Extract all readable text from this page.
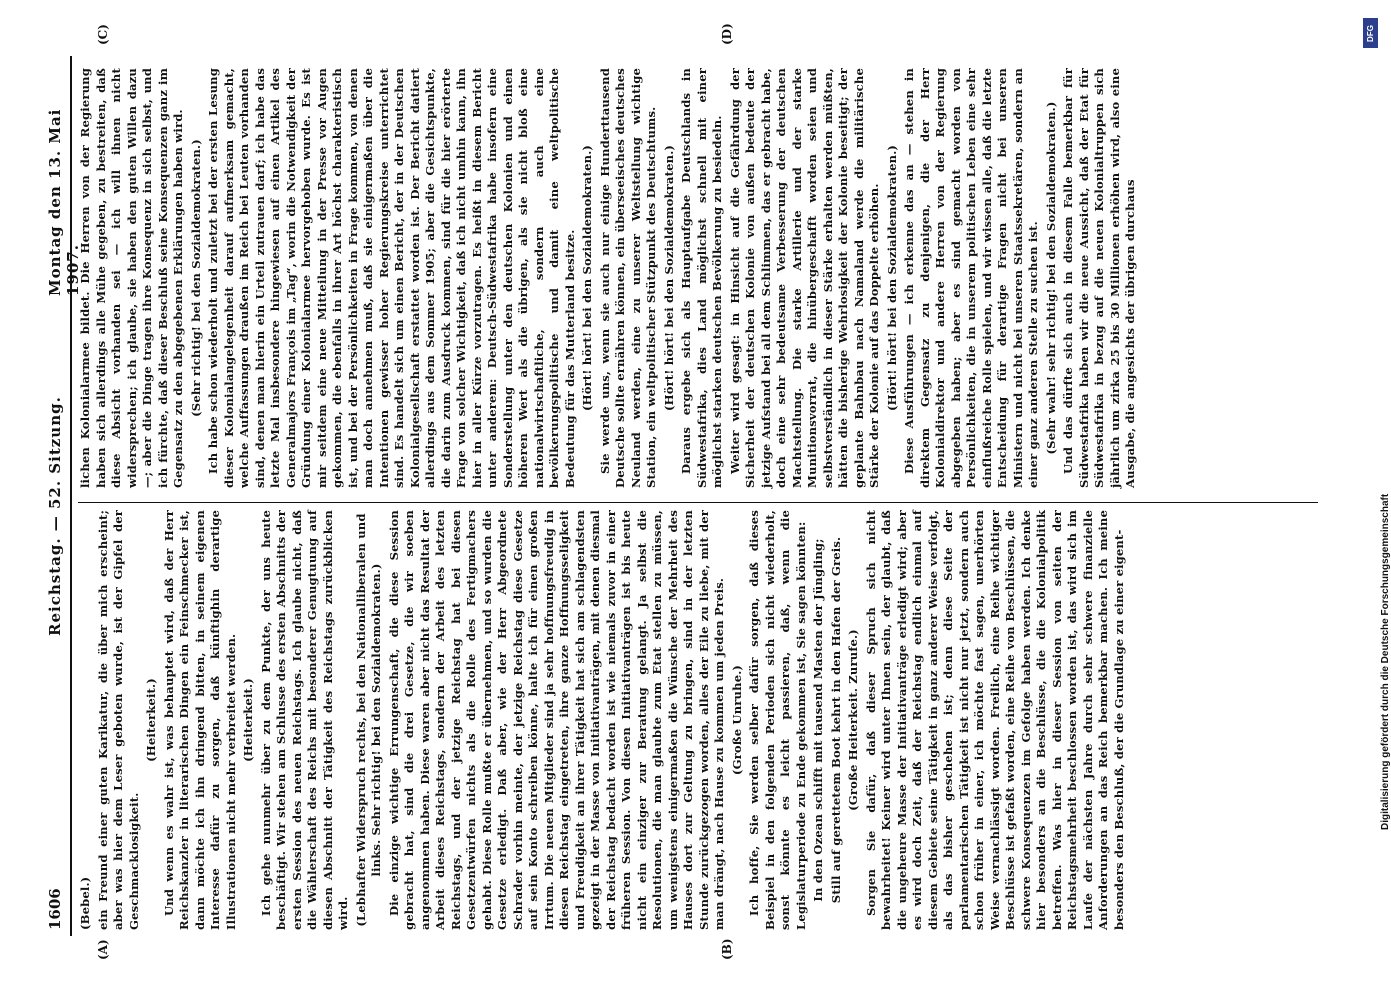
1606
Reichstag. — 52. Sitzung.
Montag den 13. Mai 1907.
(A)	(B)
(C)	(D)

(Bebel.) ein Freund einer guten Karikatur, die über mich erscheint; aber was hier dem Leser geboten wurde, ist der Gipfel der Geschmacklosigkeit.

(Heiterkeit.) Und wenn es wahr ist, was behauptet wird, daß der Herr Reichskanzler in literarischen Dingen ein Feinschmecker ist, dann möchte ich ihn dringend bitten, in seinem eigenen Interesse dafür zu sorgen, daß künftighin derartige Illustrationen nicht mehr verbreitet werden. (Heiterkeit.) Ich gehe nunmehr über zu dem Punkte, der uns heute beschäftigt. Wir stehen am Schlusse des ersten Abschnitts der ersten Session des neuen Reichstags. Ich glaube nicht, daß die Wählerschaft des Reichs mit besonderer Genugtuung auf diesen Abschnitt der Tätigkeit des Reichstags zurückblicken wird. (Lebhafter Widerspruch rechts, bei den Nationalliberalen und links. Sehr richtig! bei den Sozialdemokraten.) Die einzige wichtige Errungenschaft, die diese Session gebracht hat, sind die drei Gesetze, die wir soeben angenommen haben. Diese waren aber nicht das Resultat der Arbeit dieses Reichstags, sondern der Arbeit des letzten Reichstags, und der jetzige Reichstag hat bei diesen Gesetzentwürfen nichts als die Rolle des Fertigmachers gehabt. Diese Rolle mußte er übernehmen, und so wurden die Gesetze erledigt. Daß aber, wie der Herr Abgeordnete Schrader vorhin meinte, der jetzige Reichstag diese Gesetze auf sein Konto schreiben könne, halte ich für einen großen Irrtum. Die neuen Mitglieder sind ja sehr hoffnungsfreudig in diesen Reichstag eingetreten, ihre ganze Hoffnungsseligkeit und Freudigkeit an ihrer Tätigkeit hat sich am schlagendsten gezeigt in der Masse von Initiativanträgen, mit denen diesmal der Reichstag bedacht worden ist wie niemals zuvor in einer früheren Session. Von diesen Initiativanträgen ist bis heute nicht ein einziger zur Beratung gelangt. Ja selbst die Resolutionen, die man glaubte zum Etat stellen zu müssen, um wenigstens einigermaßen die Wünsche der Mehrheit des Hauses dort zur Geltung zu bringen, sind in der letzten Stunde zurückgezogen worden, alles der Eile zu liebe, mit der man drängt, nach Hause zu kommen um jeden Preis. (Große Unruhe.) Ich hoffe, Sie werden selber dafür sorgen, daß dieses Beispiel in den folgenden Perioden sich nicht wiederholt, sonst könnte es leicht passieren, daß, wenn die Legislaturperiode zu Ende gekommen ist, Sie sagen könnten: In den Ozean schifft mit tausend Masten der Jüngling; Still auf gerettetem Boot kehrt in den Hafen der Greis. (Große Heiterkeit. Zurufe.) Sorgen Sie dafür, daß dieser Spruch sich nicht bewahrheitet! Keiner wird unter Ihnen sein, der glaubt, daß die ungeheure Masse der Initiativanträge erledigt wird; aber es wird doch Zeit, daß der Reichstag endlich einmal auf diesem Gebiete seine Tätigkeit in ganz anderer Weise verfolgt, als das bisher geschehen ist; denn diese Seite der parlamentarischen Tätigkeit ist nicht nur jetzt, sondern auch schon früher in einer, ich möchte fast sagen, unerhörten Weise vernachlässigt worden. Freilich, eine Reihe wichtiger Beschlüsse ist gefaßt worden, eine Reihe von Beschlüssen, die schwere Konsequenzen im Gefolge haben werden. Ich denke hier besonders an die Beschlüsse, die die Kolonialpolitik betreffen. Was hier in dieser Session von seiten der Reichstagsmehrheit beschlossen worden ist, das wird sich im Laufe der nächsten Jahre durch sehr schwere finanzielle Anforderungen an das Reich bemerkbar machen. Ich meine besonders den Beschluß, der die Grundlage zu einer eigent-

lichen Kolonialarmee bildet. Die Herren von der Regierung haben sich allerdings alle Mühe gegeben, zu bestreiten, daß diese Absicht vorhanden sei — ich will ihnen nicht widersprechen; ich glaube, sie haben den guten Willen dazu —; aber die Dinge tragen ihre Konsequenz in sich selbst, und ich fürchte, daß dieser Beschluß seine Konsequenzen ganz im Gegensatz zu den abgegebenen Erklärungen haben wird. (Sehr richtig! bei den Sozialdemokraten.) Ich habe schon wiederholt und zuletzt bei der ersten Lesung dieser Kolonialangelegenheit darauf aufmerksam gemacht, welche Auffassungen draußen im Reich bei Leuten vorhanden sind, denen man hierin ein Urteil zutrauen darf; ich habe das letzte Mal insbesondere hingewiesen auf einen Artikel des Generalmajors François im „Tag“, worin die Notwendigkeit der Gründung einer Kolonialarmee hervorgehoben wurde. Es ist mir seitdem eine neue Mitteilung in der Presse vor Augen gekommen, die ebenfalls in ihrer Art höchst charakteristisch ist, und bei der Persönlichkeiten in Frage kommen, von denen man doch annehmen muß, daß sie einigermaßen über die Intentionen gewisser hoher Regierungskreise unterrichtet sind. Es handelt sich um einen Bericht, der in der Deutschen Kolonialgesellschaft erstattet worden ist. Der Bericht datiert allerdings aus dem Sommer 1905; aber die Gesichtspunkte, die darin zum Ausdruck kommen, sind für die hier erörterte Frage von solcher Wichtigkeit, daß ich nicht umhin kann, ihn hier in aller Kürze vorzutragen. Es heißt in diesem Bericht unter anderem: Deutsch-Südwestafrika habe insofern eine Sonderstellung unter den deutschen Kolonien und einen höheren Wert als die übrigen, als sie nicht bloß eine nationalwirtschaftliche, sondern auch eine bevölkerungspolitische und damit eine weltpolitische Bedeutung für das Mutterland besitze. (Hört! hört! bei den Sozialdemokraten.) Sie werde uns, wenn sie auch nur einige Hunderttausend Deutsche sollte ernähren können, ein überseeisches deutsches Neuland werden, eine zu unserer Weltstellung wichtige Station, ein weltpolitischer Stützpunkt des Deutschtums. (Hört! hört! bei den Sozialdemokraten.) Daraus ergebe sich als Hauptaufgabe Deutschlands in Südwestafrika, dies Land möglichst schnell mit einer möglichst starken deutschen Bevölkerung zu besiedeln. Weiter wird gesagt: in Hinsicht auf die Gefährdung der Sicherheit der deutschen Kolonie von außen bedeute der jetzige Aufstand bei all dem Schlimmen, das er gebracht habe, doch eine sehr bedeutsame Verbesserung der deutschen Machtstellung. Die starke Artillerie und der starke Munitionsvorrat, die hinübergeschafft worden seien und selbstverständlich in dieser Stärke erhalten werden müßten, hätten die bisherige Wehrlosigkeit der Kolonie beseitigt; der geplante Bahnbau nach Namaland werde die militärische Stärke der Kolonie auf das Doppelte erhöhen. (Hört! hört! bei den Sozialdemokraten.) Diese Ausführungen — ich erkenne das an — stehen in direktem Gegensatz zu denjenigen, die der Herr Kolonialdirektor und andere Herren von der Regierung abgegeben haben; aber es sind gemacht worden von Persönlichkeiten, die in unserem politischen Leben eine sehr einflußreiche Rolle spielen, und wir wissen alle, daß die letzte Entscheidung für derartige Fragen nicht bei unseren Ministern und nicht bei unseren Staatssekretären, sondern an einer ganz anderen Stelle zu suchen ist. (Sehr wahr! sehr richtig! bei den Sozialdemokraten.) Und das dürfte sich auch in diesem Falle bemerkbar für Südwestafrika haben wir die neue Aussicht, daß der Etat für Südwestafrika in bezug auf die neuen Kolonialtruppen sich jährlich um zirka 25 bis 30 Millionen erhöhen wird, also eine Ausgabe, die angesichts der übrigen durchaus

DFG
Digitalisierung gefördert durch die Deutsche Forschungsgemeinschaft
